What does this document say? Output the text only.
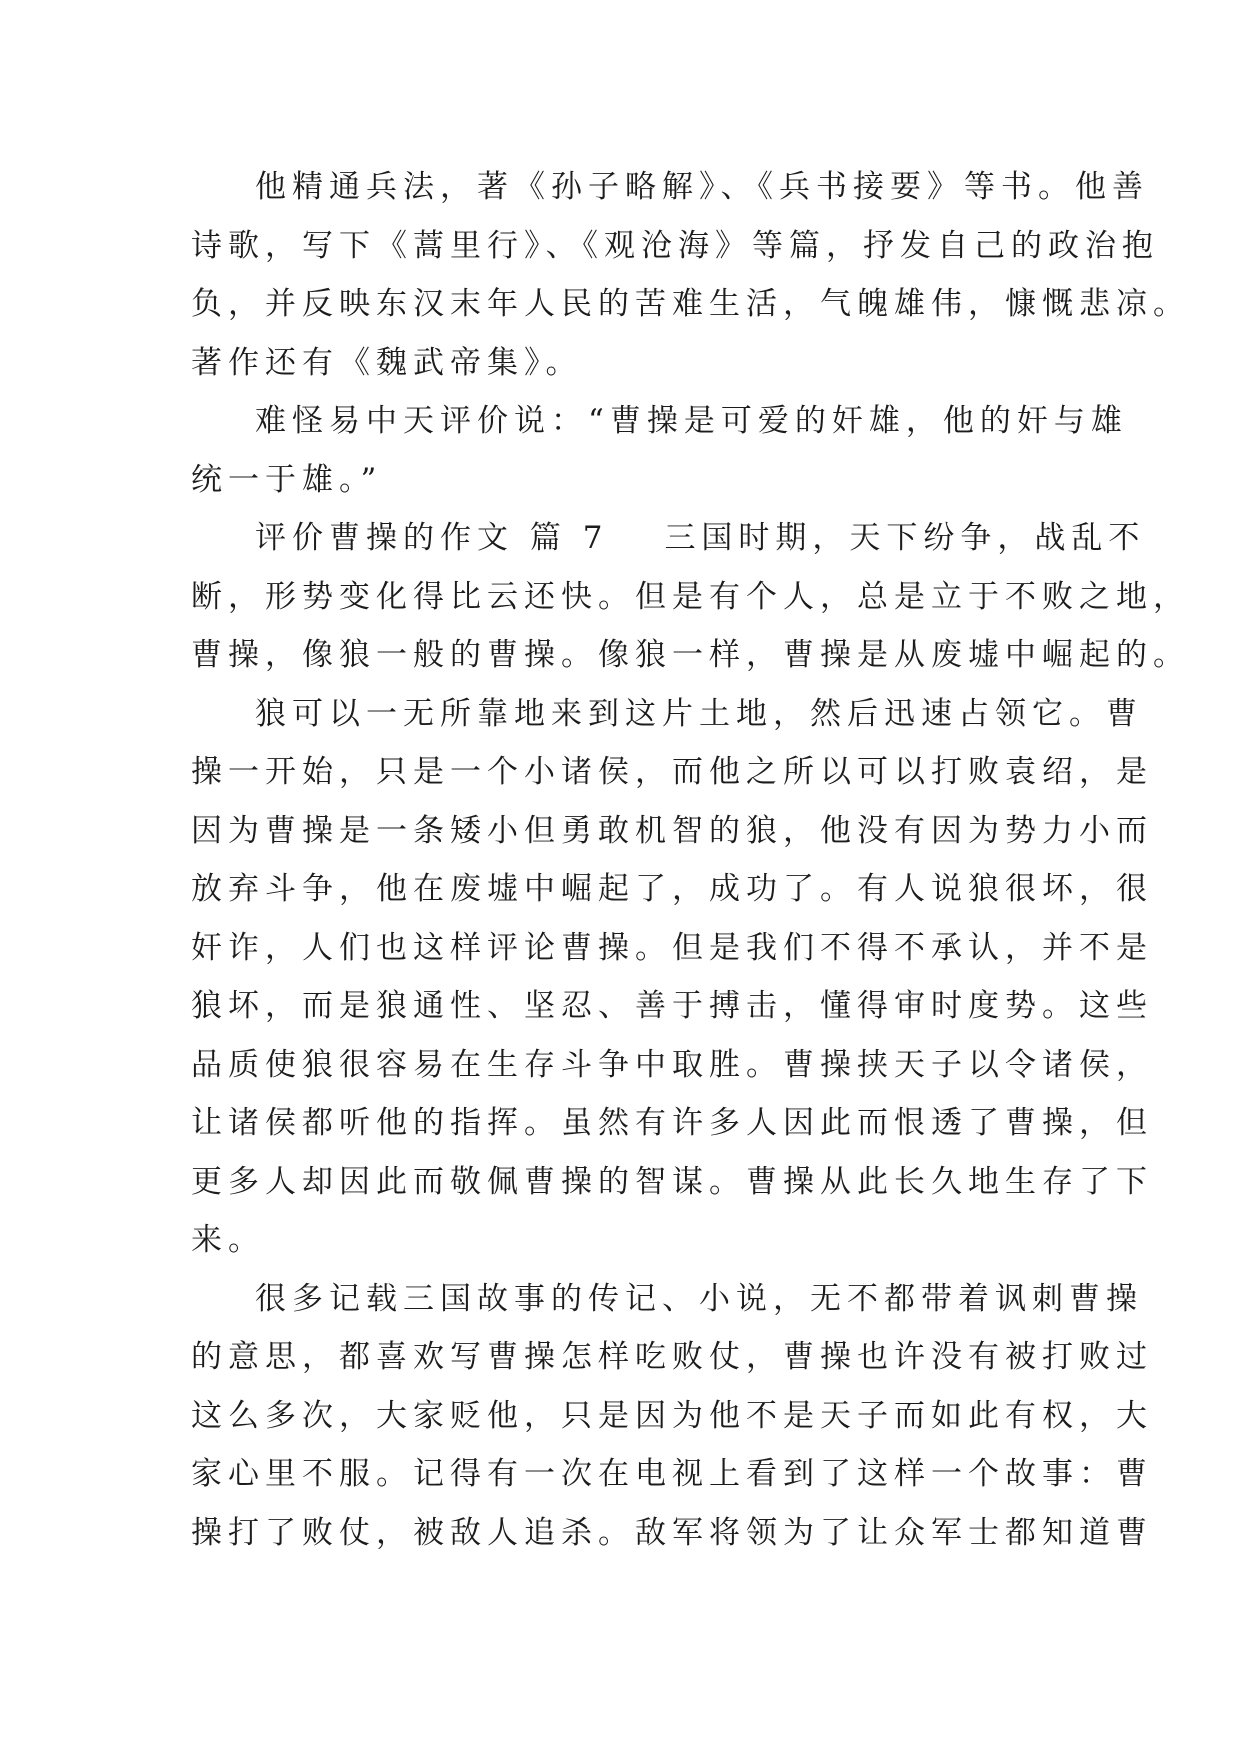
他精通兵法，著《孙子略解》、《兵书接要》等书。他善
诗歌，写下《蒿里行》、《观沧海》等篇，抒发自己的政治抱
负，并反映东汉末年人民的苦难生活，气魄雄伟，慷慨悲凉。
著作还有《魏武帝集》。
难怪易中天评价说：“曹操是可爱的奸雄，他的奸与雄
统一于雄。”
评价曹操的作文 篇 7 三国时期，天下纷争，战乱不
断，形势变化得比云还快。但是有个人，总是立于不败之地，
曹操，像狼一般的曹操。像狼一样，曹操是从废墟中崛起的。
狼可以一无所靠地来到这片土地，然后迅速占领它。曹
操一开始，只是一个小诸侯，而他之所以可以打败袁绍，是
因为曹操是一条矮小但勇敢机智的狼，他没有因为势力小而
放弃斗争，他在废墟中崛起了，成功了。有人说狼很坏，很
奸诈，人们也这样评论曹操。但是我们不得不承认，并不是
狼坏，而是狼通性、坚忍、善于搏击，懂得审时度势。这些
品质使狼很容易在生存斗争中取胜。曹操挟天子以令诸侯，
让诸侯都听他的指挥。虽然有许多人因此而恨透了曹操，但
更多人却因此而敬佩曹操的智谋。曹操从此长久地生存了下
来。
很多记载三国故事的传记、小说，无不都带着讽刺曹操
的意思，都喜欢写曹操怎样吃败仗，曹操也许没有被打败过
这么多次，大家贬他，只是因为他不是天子而如此有权，大
家心里不服。记得有一次在电视上看到了这样一个故事：曹
操打了败仗，被敌人追杀。敌军将领为了让众军士都知道曹
